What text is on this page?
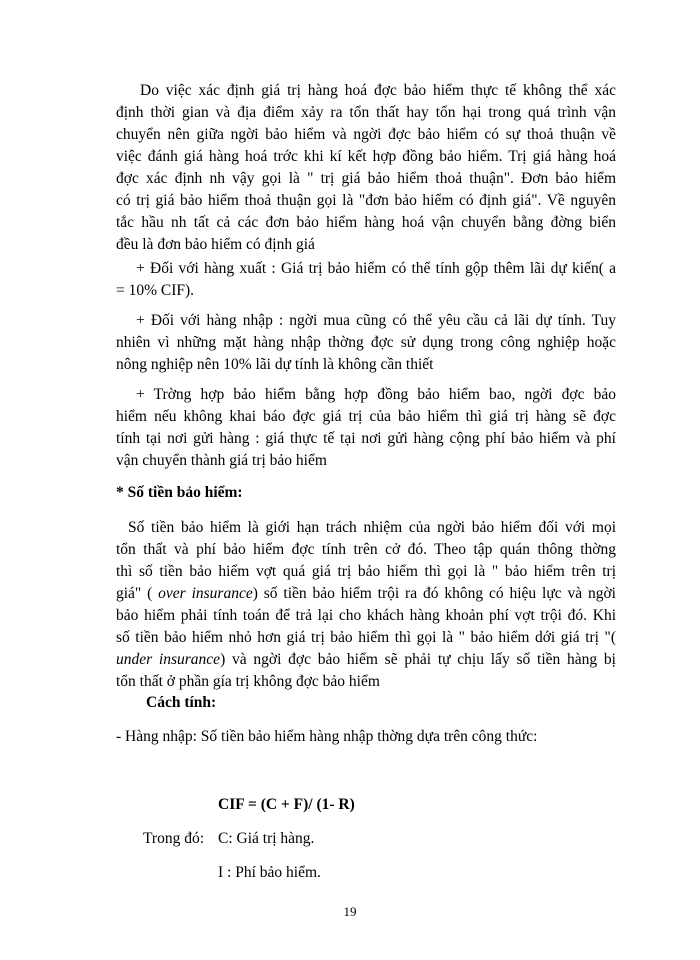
Do việc xác định giá trị hàng hoá đợc bảo hiểm thực tế không thể xác
định thời gian và địa điểm xảy ra tổn thất hay tổn hại trong quá trình vận
chuyển nên giữa ngời bảo hiểm và ngời đợc bảo hiểm có sự thoả thuận về
việc đánh giá hàng hoá trớc khi kí kết hợp đồng bảo hiểm. Trị giá hàng hoá
đợc xác định nh vậy gọi là " trị giá bảo hiểm thoả thuận". Đơn bảo hiểm
có trị giá bảo hiểm thoả thuận gọi là "đơn bảo hiểm có định giá". Về nguyên
tắc hầu nh tất cả các đơn bảo hiểm hàng hoá vận chuyển bằng đờng biển
đều là đơn bảo hiểm có định giá
+ Đối với hàng xuất : Giá trị bảo hiểm có thể tính gộp thêm lãi dự kiến( a
= 10% CIF).
+ Đối với hàng nhập : ngời mua cũng có thể yêu cầu cả lãi dự tính. Tuy
nhiên vì những mặt hàng nhập thờng đợc sử dụng trong công nghiệp hoặc
nông nghiệp nên 10% lãi dự tính là không cần thiết
+ Trờng hợp bảo hiểm bằng hợp đồng bảo hiểm bao, ngời đợc bảo
hiểm nếu không khai báo đợc giá trị của bảo hiểm thì giá trị hàng sẽ đợc
tính tại nơi gửi hàng : giá thực tế tại nơi gửi hàng cộng phí bảo hiểm và phí
vận chuyển thành giá trị bảo hiểm
* Số tiền bảo hiểm:
Số tiền bảo hiểm là giới hạn trách nhiệm của ngời bảo hiểm đối với mọi
tổn thất và phí bảo hiểm đợc tính trên cở đó. Theo tập quán thông thờng
thì số tiền bảo hiểm vợt quá giá trị bảo hiểm thì gọi là " bảo hiểm trên trị
giá" ( over insurance) số tiền bảo hiểm trội ra đó không có hiệu lực và ngời
bảo hiểm phải tính toán để trả lại cho khách hàng khoản phí vợt trội đó. Khi
số tiền bảo hiểm nhỏ hơn giá trị bảo hiểm thì gọi là " bảo hiểm dới giá trị "(
under insurance) và ngời đợc bảo hiểm sẽ phải tự chịu lấy số tiền hàng bị
tổn thất ở phần gía trị không đợc bảo hiểm
Cách tính:
- Hàng nhập: Số tiền bảo hiểm hàng nhập thờng dựa trên công thức:
CIF = (C + F)/ (1- R)
Trong đó: C: Giá trị hàng.
I : Phí bảo hiểm.
19
